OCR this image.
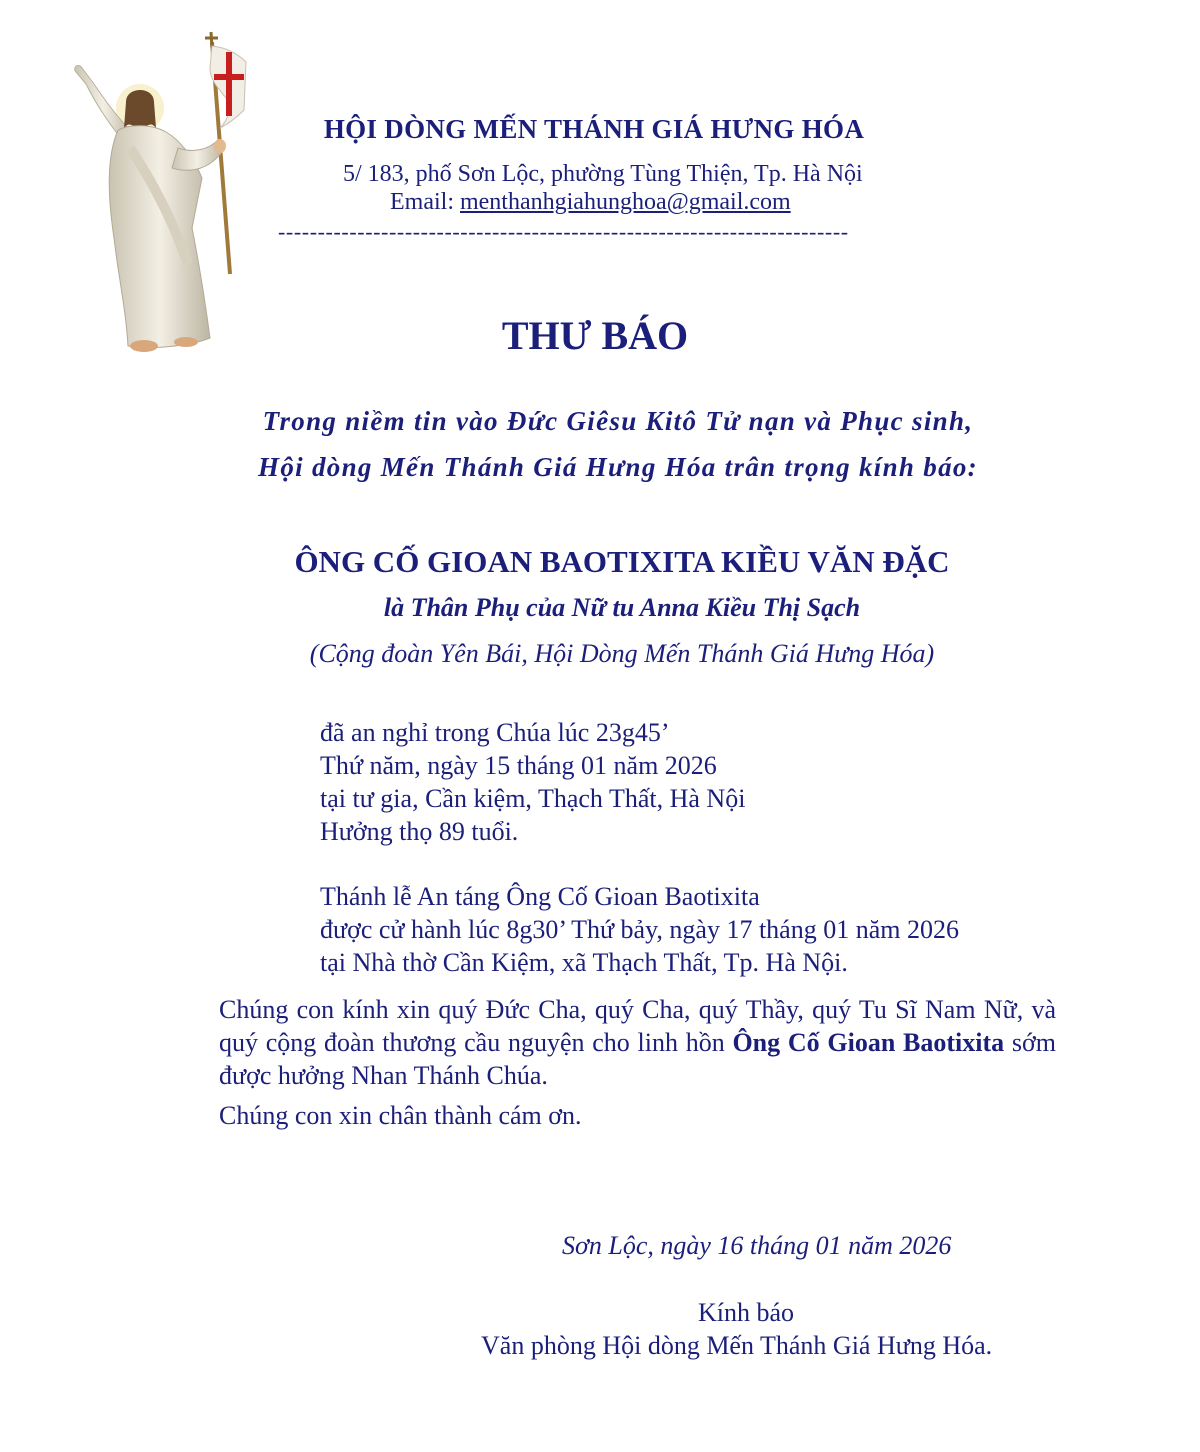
HỘI DÒNG MẾN THÁNH GIÁ HƯNG HÓA
5/ 183, phố Sơn Lộc, phường Tùng Thiện, Tp. Hà Nội
Email: menthanhgiahunghoa@gmail.com
------------------------------------------------------------------------
THƯ BÁO
Trong niềm tin vào Đức Giêsu Kitô Tử nạn và Phục sinh,
Hội dòng Mến Thánh Giá Hưng Hóa trân trọng kính báo:
ÔNG CỐ GIOAN BAOTIXITA KIỀU VĂN ĐẶC
là Thân Phụ của Nữ tu Anna Kiều Thị Sạch
(Cộng đoàn Yên Bái, Hội Dòng Mến Thánh Giá Hưng Hóa)
đã an nghỉ trong Chúa lúc 23g45’
Thứ năm, ngày 15 tháng 01 năm 2026
tại tư gia, Cần kiệm, Thạch Thất, Hà Nội
Hưởng thọ 89 tuổi.
Thánh lễ An táng Ông Cố Gioan Baotixita
được cử hành lúc 8g30’ Thứ bảy, ngày 17 tháng 01 năm 2026
tại Nhà thờ Cần Kiệm, xã Thạch Thất, Tp. Hà Nội.
Chúng con kính xin quý Đức Cha, quý Cha, quý Thầy, quý Tu Sĩ Nam Nữ, và quý cộng đoàn thương cầu nguyện cho linh hồn Ông Cố Gioan Baotixita sớm được hưởng Nhan Thánh Chúa.
Chúng con xin chân thành cám ơn.
Sơn Lộc, ngày 16 tháng 01 năm 2026
Kính báo
Văn phòng Hội dòng Mến Thánh Giá Hưng Hóa.
